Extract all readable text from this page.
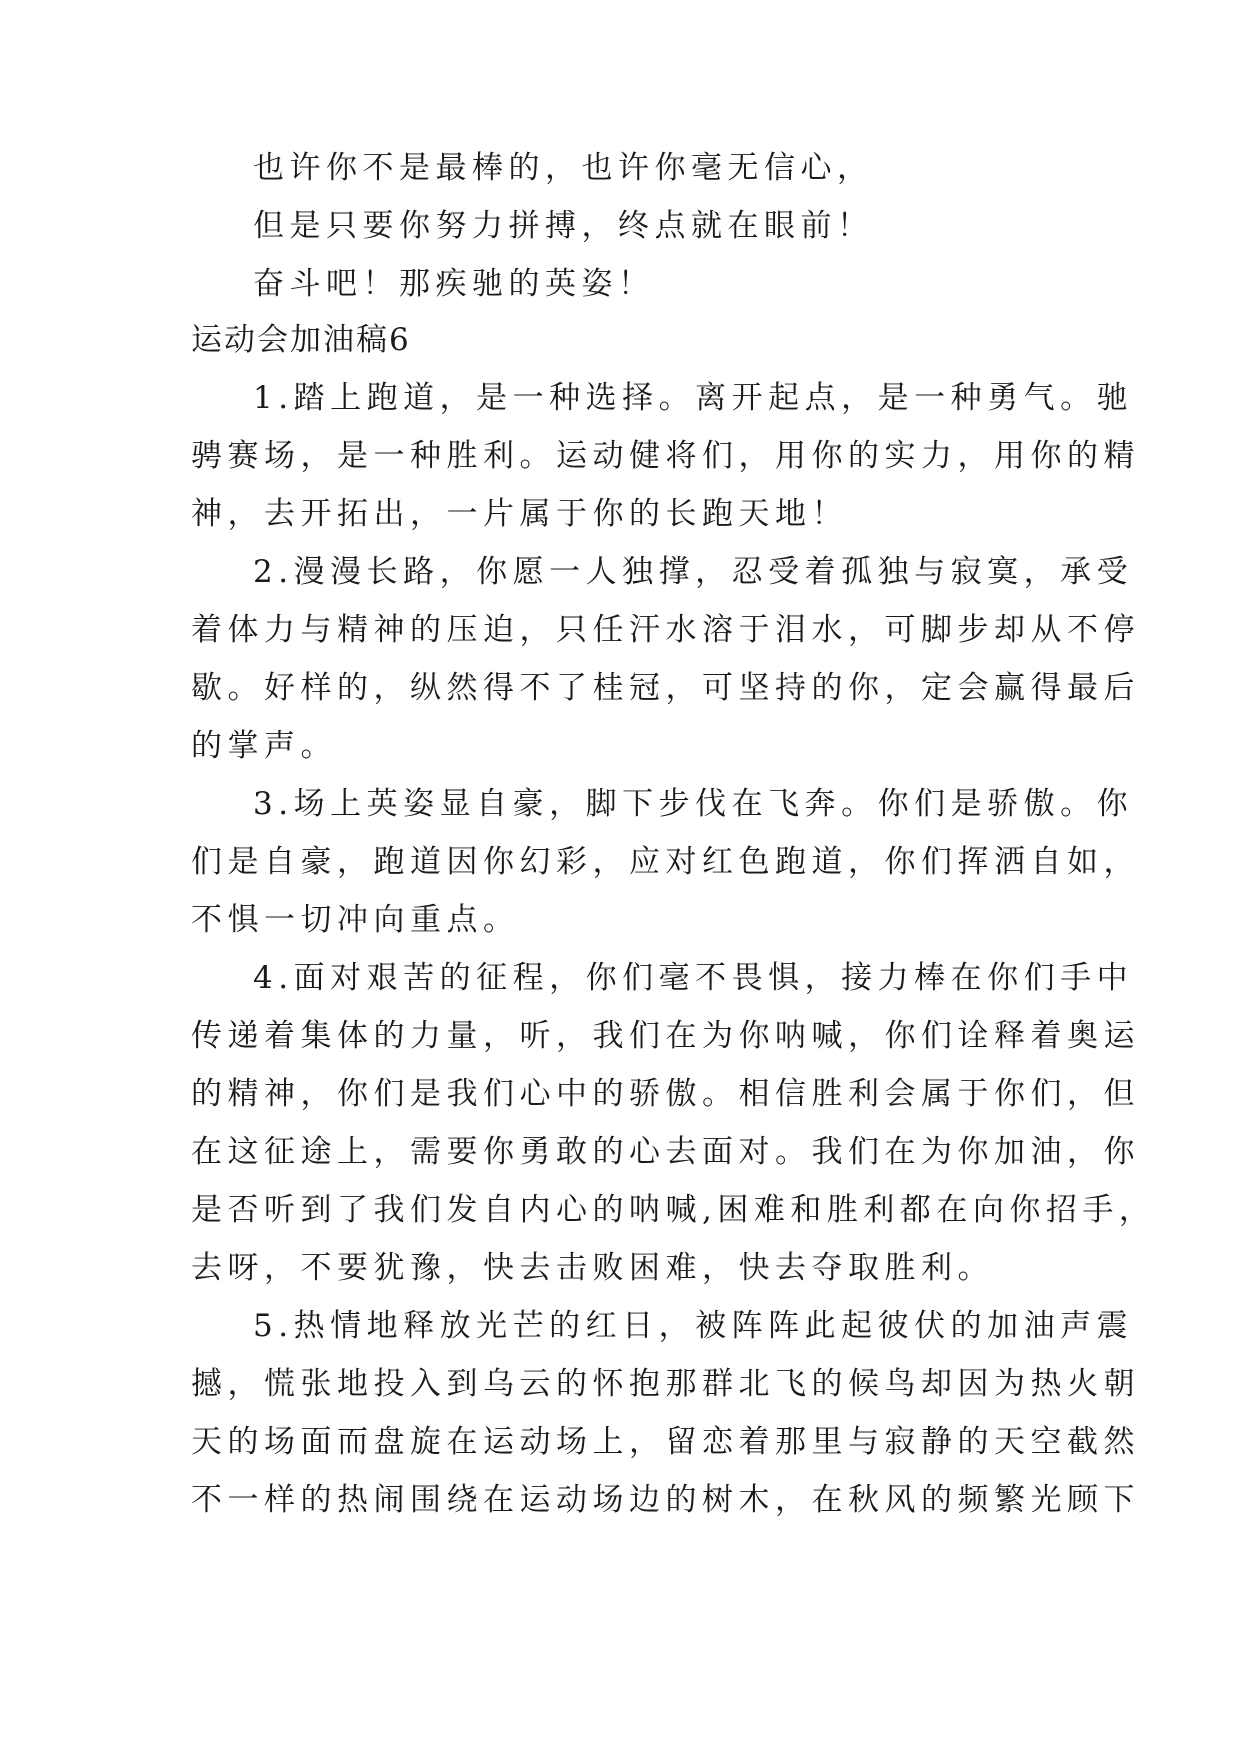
也许你不是最棒的，也许你毫无信心，
但是只要你努力拼搏，终点就在眼前！
奋斗吧！那疾驰的英姿！
运动会加油稿6
1.踏上跑道，是一种选择。离开起点，是一种勇气。驰
骋赛场，是一种胜利。运动健将们，用你的实力，用你的精
神，去开拓出，一片属于你的长跑天地！
2.漫漫长路，你愿一人独撑，忍受着孤独与寂寞，承受
着体力与精神的压迫，只任汗水溶于泪水，可脚步却从不停
歇。好样的，纵然得不了桂冠，可坚持的你，定会赢得最后
的掌声。
3.场上英姿显自豪，脚下步伐在飞奔。你们是骄傲。你
们是自豪，跑道因你幻彩，应对红色跑道，你们挥洒自如，
不惧一切冲向重点。
4.面对艰苦的征程，你们毫不畏惧，接力棒在你们手中
传递着集体的力量，听，我们在为你呐喊，你们诠释着奥运
的精神，你们是我们心中的骄傲。相信胜利会属于你们，但
在这征途上，需要你勇敢的心去面对。我们在为你加油，你
是否听到了我们发自内心的呐喊,困难和胜利都在向你招手，
去呀，不要犹豫，快去击败困难，快去夺取胜利。
5.热情地释放光芒的红日，被阵阵此起彼伏的加油声震
撼，慌张地投入到乌云的怀抱那群北飞的候鸟却因为热火朝
天的场面而盘旋在运动场上，留恋着那里与寂静的天空截然
不一样的热闹围绕在运动场边的树木，在秋风的频繁光顾下
